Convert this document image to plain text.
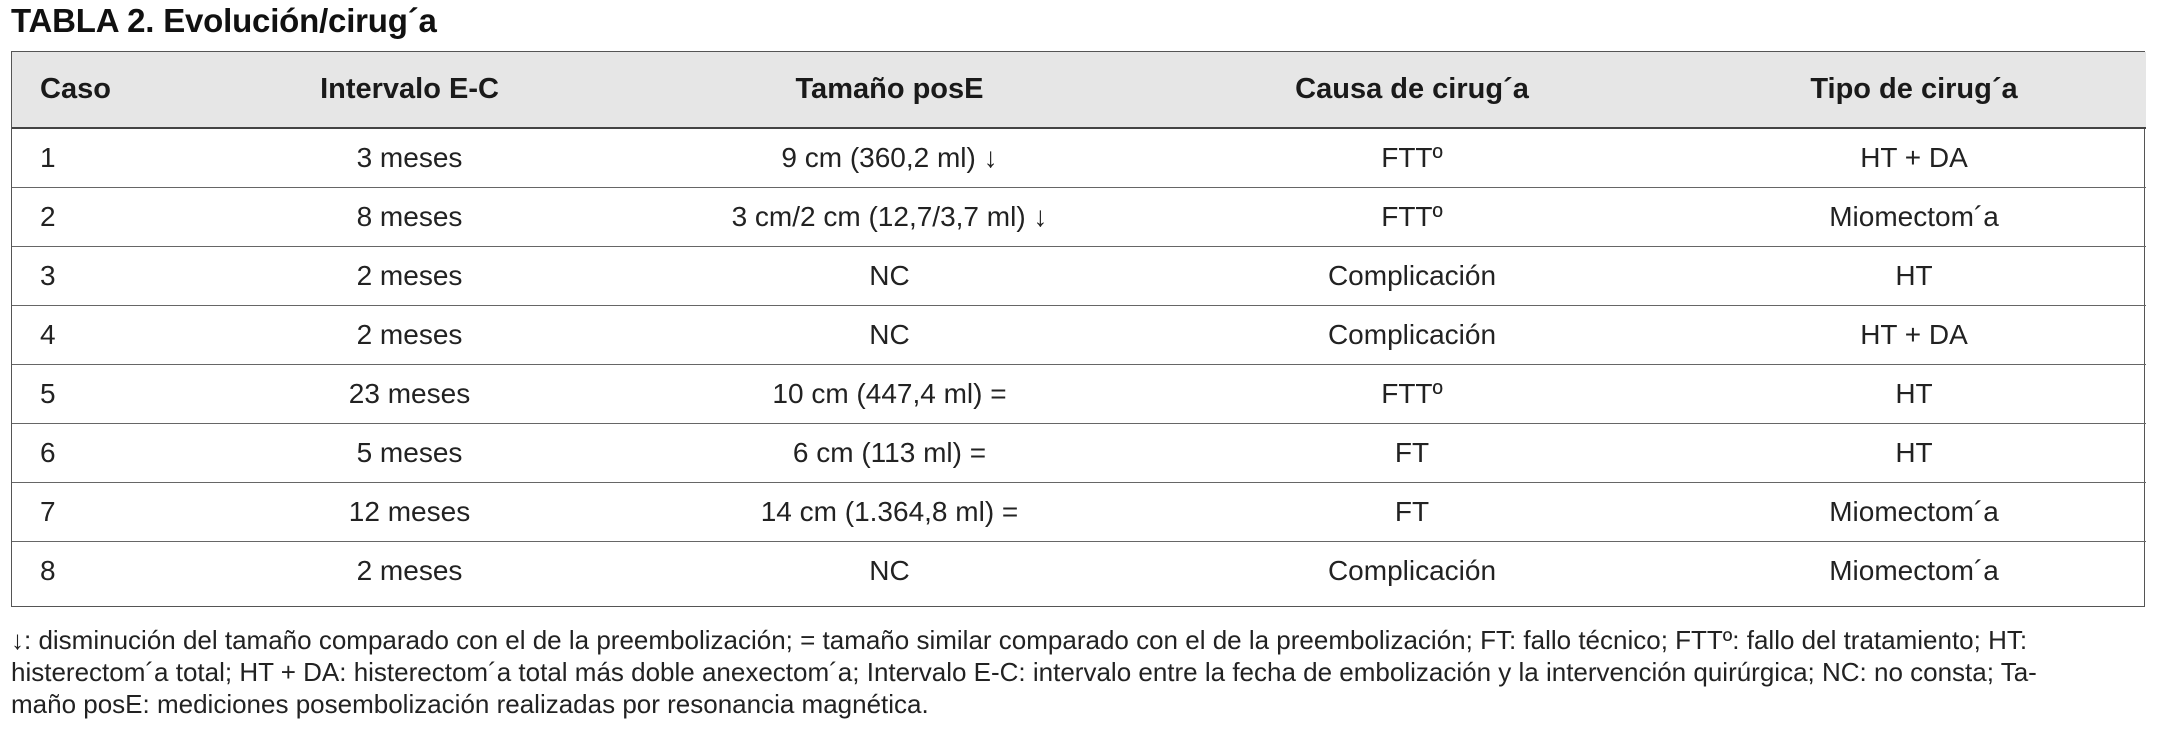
TABLA 2. Evolución/cirug´a
Caso	Intervalo E-C	Tamaño posE	Causa de cirug´a	Tipo de cirug´a
1	3 meses	9 cm (360,2 ml) ↓	FTTº	HT + DA
2	8 meses	3 cm/2 cm (12,7/3,7 ml) ↓	FTTº	Miomectom´a
3	2 meses	NC	Complicación	HT
4	2 meses	NC	Complicación	HT + DA
5	23 meses	10 cm (447,4 ml) =	FTTº	HT
6	5 meses	6 cm (113 ml) =	FT	HT
7	12 meses	14 cm (1.364,8 ml) =	FT	Miomectom´a
8	2 meses	NC	Complicación	Miomectom´a
↓: disminución del tamaño comparado con el de la preembolización; = tamaño similar comparado con el de la preembolización; FT: fallo técnico; FTTº: fallo del tratamiento; HT:
histerectom´a total; HT + DA: histerectom´a total más doble anexectom´a; Intervalo E-C: intervalo entre la fecha de embolización y la intervención quirúrgica; NC: no consta; Ta-
maño posE: mediciones posembolización realizadas por resonancia magnética.
